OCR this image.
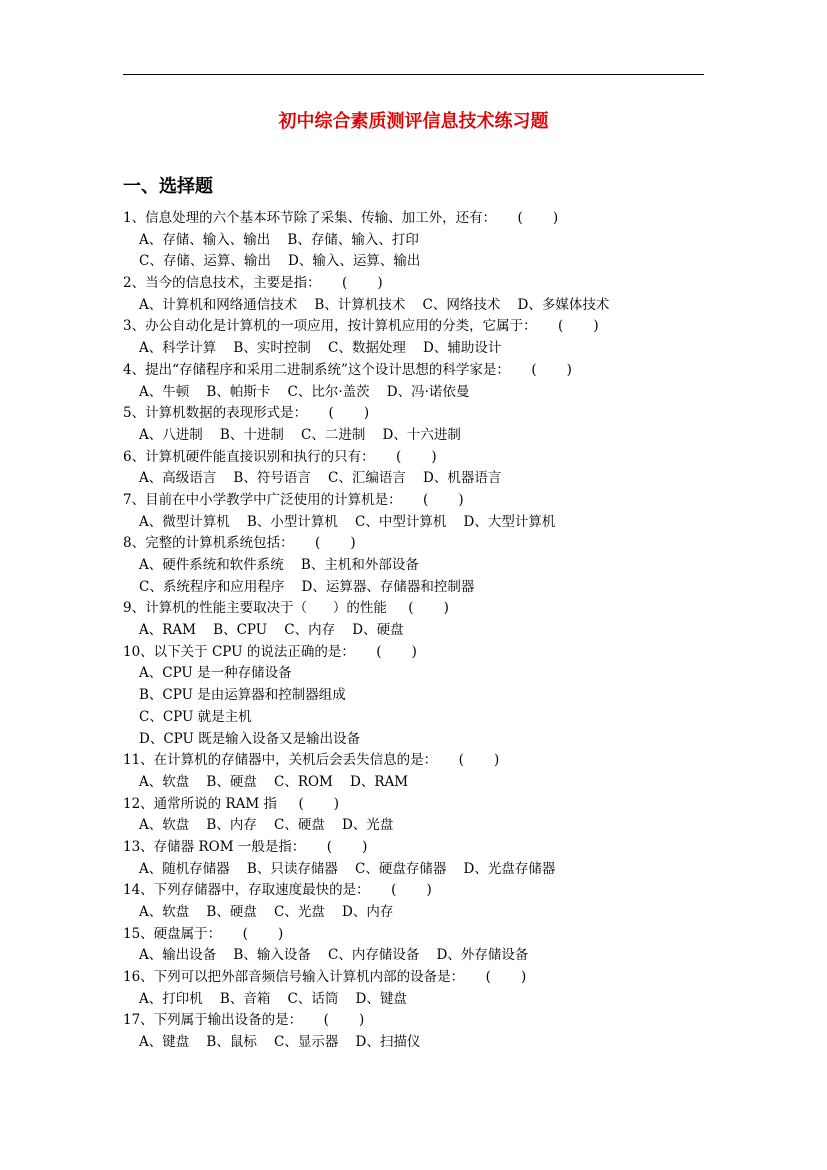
初中综合素质测评信息技术练习题
一、选择题
1、信息处理的六个基本环节除了采集、传输、加工外，还有：     (       )
A、存储、输入、输出    B、存储、输入、打印
C、存储、运算、输出    D、输入、运算、输出
2、当今的信息技术，主要是指：     (       )
A、计算机和网络通信技术    B、计算机技术    C、网络技术    D、多媒体技术
3、办公自动化是计算机的一项应用，按计算机应用的分类，它属于：     (       )
A、科学计算    B、实时控制    C、数据处理    D、辅助设计
4、提出“存储程序和采用二进制系统”这个设计思想的科学家是：     (       )
A、牛顿    B、帕斯卡    C、比尔·盖茨    D、冯·诺依曼
5、计算机数据的表现形式是：     (       )
A、八进制    B、十进制    C、二进制    D、十六进制
6、计算机硬件能直接识别和执行的只有：     (       )
A、高级语言    B、符号语言    C、汇编语言    D、机器语言
7、目前在中小学教学中广泛使用的计算机是：     (       )
A、微型计算机    B、小型计算机    C、中型计算机    D、大型计算机
8、完整的计算机系统包括：     (       )
A、硬件系统和软件系统    B、主机和外部设备
C、系统程序和应用程序    D、运算器、存储器和控制器
9、计算机的性能主要取决于（      ）的性能     (       )
A、RAM    B、CPU    C、内存    D、硬盘
10、以下关于 CPU 的说法正确的是：     (       )
A、CPU 是一种存储设备
B、CPU 是由运算器和控制器组成
C、CPU 就是主机
D、CPU 既是输入设备又是输出设备
11、在计算机的存储器中，关机后会丢失信息的是：     (       )
A、软盘    B、硬盘    C、ROM    D、RAM
12、通常所说的 RAM 指     (       )
A、软盘    B、内存    C、硬盘    D、光盘
13、存储器 ROM 一般是指：     (       )
A、随机存储器    B、只读存储器    C、硬盘存储器    D、光盘存储器
14、下列存储器中，存取速度最快的是：     (       )
A、软盘    B、硬盘    C、光盘    D、内存
15、硬盘属于：     (       )
A、输出设备    B、输入设备    C、内存储设备    D、外存储设备
16、下列可以把外部音频信号输入计算机内部的设备是：     (       )
A、打印机    B、音箱    C、话筒    D、键盘
17、下列属于输出设备的是：     (       )
A、键盘    B、鼠标    C、显示器    D、扫描仪
